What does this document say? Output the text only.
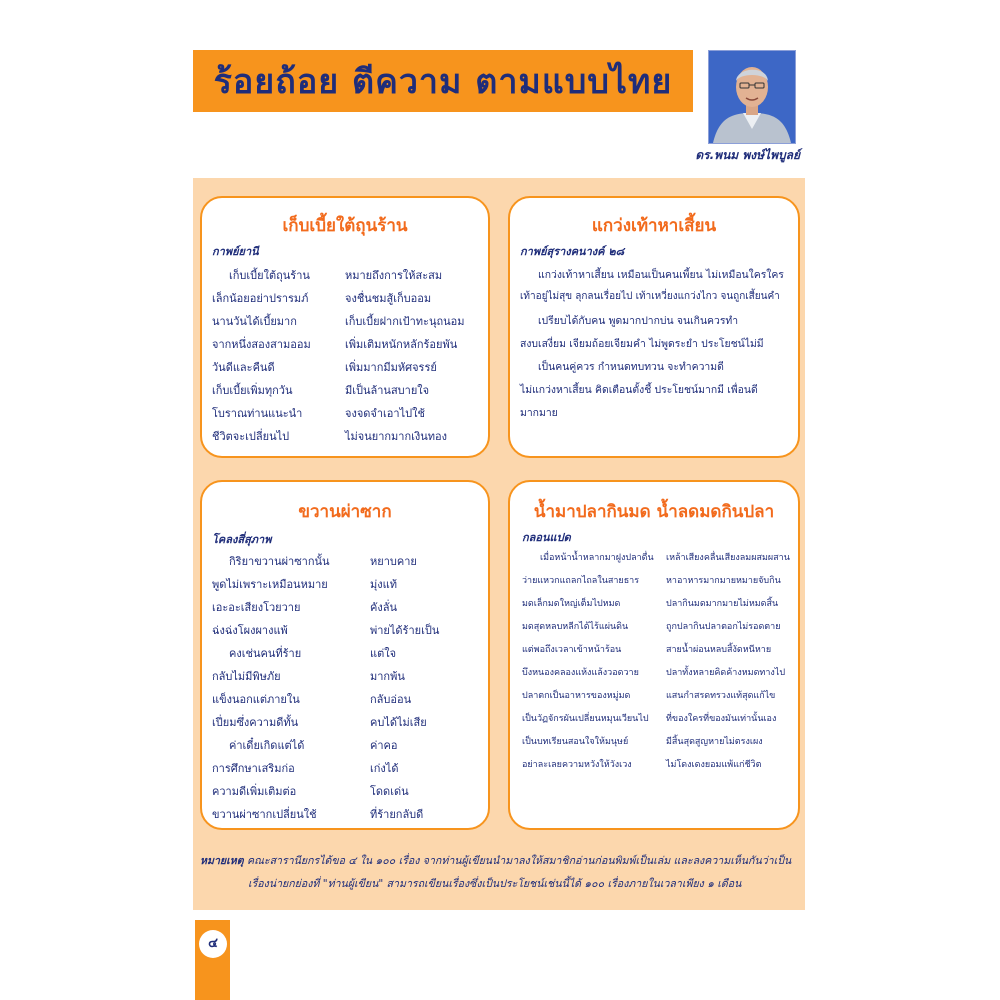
ร้อยถ้อย ตีความ ตามแบบไทย
ดร.พนม พงษ์ไพบูลย์
เก็บเบี้ยใต้ถุนร้าน
กาพย์ยานี
เก็บเบี้ยใต้ถุนร้าน
เล็กน้อยอย่าปรารมภ์
นานวันได้เบี้ยมาก
จากหนึ่งสองสามออม
วันดีและคืนดี
เก็บเบี้ยเพิ่มทุกวัน
โบราณท่านแนะนำ
ชีวิตจะเปลี่ยนไป
หมายถึงการให้สะสม
จงชื่นชมสู้เก็บออม
เก็บเบี้ยฝากเป้าทะนุถนอม
เพิ่มเติมหนักหลักร้อยพัน
เพิ่มมากมีมหัศจรรย์
มีเป็นล้านสบายใจ
จงจดจำเอาไปใช้
ไม่จนยากมากเงินทอง
แกว่งเท้าหาเสี้ยน
กาพย์สุรางคนางค์ ๒๘
แกว่งเท้าหาเสี้ยน เหมือนเป็นคนเพี้ยน ไม่เหมือนใครใคร
เท้าอยู่ไม่สุข ลุกลนเรื่อยไป เท้าเหวี่ยงแกว่งไกว จนถูกเสี้ยนคำ
เปรียบได้กับคน พูดมากปากบ่น จนเกินควรทำ
สงบเสงี่ยม เจียมถ้อยเจียมคำ ไม่พูดระยำ ประโยชน์ไม่มี
เป็นคนคู่ควร กำหนดทบทวน จะทำความดี
ไม่แกว่งหาเสี้ยน คิดเตือนตั้งชี้ ประโยชน์มากมี เพื่อนดี
มากมาย
ขวานผ่าซาก
โคลงสี่สุภาพ
กิริยาขวานผ่าซากนั้น
พูดไม่เพราะเหมือนหมาย
เอะอะเสียงโวยวาย
ฉ่งฉ่งโผงผางแพ้
คงเช่นคนที่ร้าย
กลับไม่มีพิษภัย
แข็งนอกแต่ภายใน
เปี่ยมซึ่งความดีทั้น
ค่าเดี๋ยเกิดแต่ได้
การศึกษาเสริมก่อ
ความดีเพิ่มเติมต่อ
ขวานผ่าซากเปลี่ยนใช้
หยาบคาย
มุ่งแท้
คังลั่น
พ่ายได้ร้ายเป็น
แต่ใจ
มากพ้น
กลับอ่อน
คบได้ไม่เสีย
ค่าคอ
เก่งได้
โดดเด่น
ที่ร้ายกลับดี
น้ำมาปลากินมด น้ำลดมดกินปลา
กลอนแปด
เมื่อหน้าน้ำหลากมาฝูงปลาดื่น
ว่ายแหวกแถลกไถลในสายธาร
มดเล็กมดใหญ่เต็มไปหมด
มดสุดหลบหลีกได้ไร้แผ่นดิน
แต่พอถึงเวลาเข้าหน้าร้อน
บึงหนองคลองแห้งแล้งวอดวาย
ปลาตกเป็นอาหารของหมู่มด
เป็นวัฏจักรผันเปลี่ยนหมุนเวียนไป
เป็นบทเรียนสอนใจให้มนุษย์
อย่าละเลยความหวังให้วังเวง
เหล้าเสียงคลื่นเสียงลมผสมผสาน
หาอาหารมากมายหมายจับกิน
ปลากินมดมากมายไม่หมดสิ้น
ถูกปลากินปลาตอกไม่รอดตาย
สายน้ำผ่อนหลบสิ้งัดหนีหาย
ปลาทั้งหลายคิดค้างหมดทางไป
แสนกำสรดทรวงแท้สุดแก้ไข
ที่ของใครที่ของมันเท่านั้นเอง
มีสิ้นสุดสูญหายไม่ตรงเผง
ไม่โดงเดงยอมแพ้แก่ชีวิต
หมายเหตุ คณะสารานียกรได้ขอ ๔ ใน ๑๐๐ เรื่อง จากท่านผู้เขียนนำมาลงให้สมาชิกอ่านก่อนพิมพ์เป็นเล่ม และลงความเห็นกันว่าเป็น
เรื่องน่ายกย่องที่ "ท่านผู้เขียน" สามารถเขียนเรื่องซึ่งเป็นประโยชน์เช่นนี้ได้ ๑๐๐ เรื่องภายในเวลาเพียง ๑ เดือน
๔
